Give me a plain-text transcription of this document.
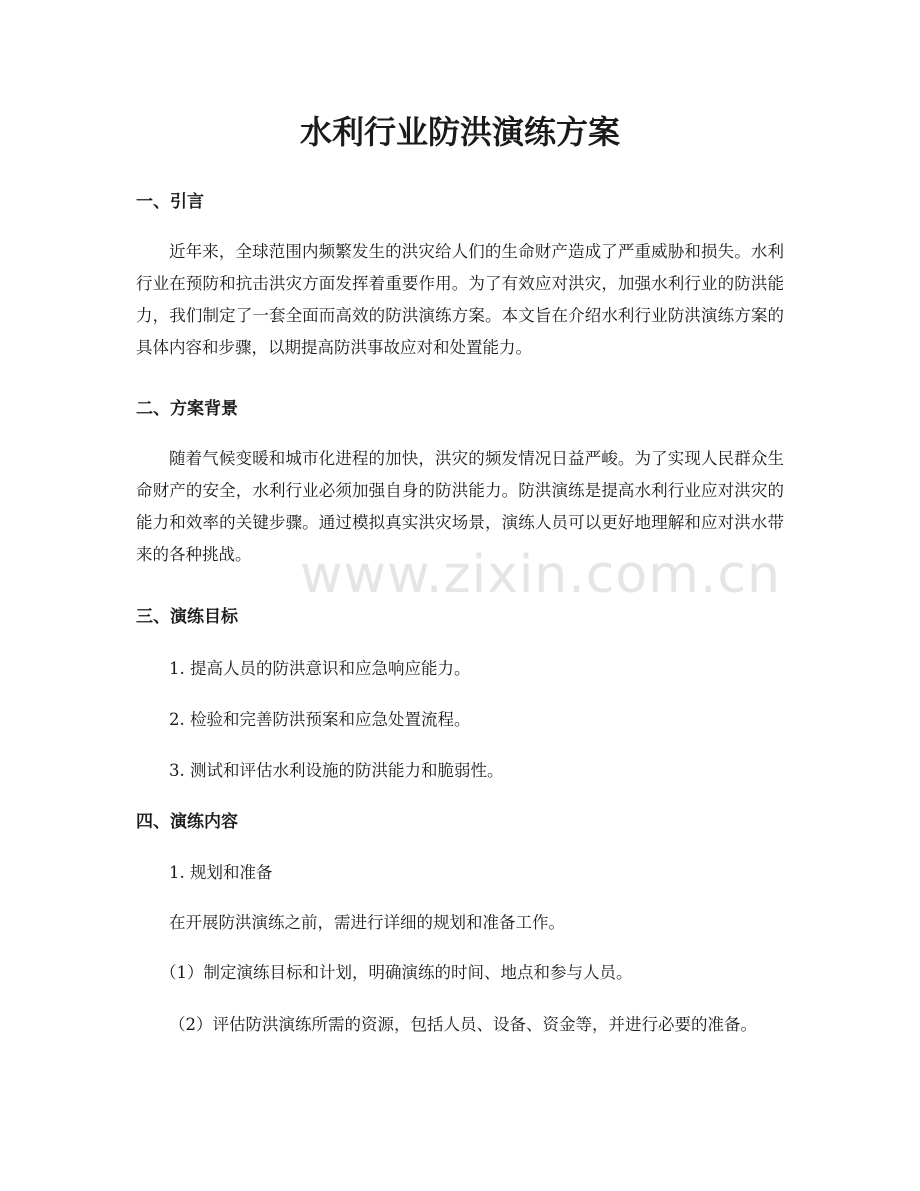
水利行业防洪演练方案
一、引言

近年来，全球范围内频繁发生的洪灾给人们的生命财产造成了严重威胁和损失。水利行业在预防和抗击洪灾方面发挥着重要作用。为了有效应对洪灾，加强水利行业的防洪能力，我们制定了一套全面而高效的防洪演练方案。本文旨在介绍水利行业防洪演练方案的具体内容和步骤，以期提高防洪事故应对和处置能力。

二、方案背景

随着气候变暖和城市化进程的加快，洪灾的频发情况日益严峻。为了实现人民群众生命财产的安全，水利行业必须加强自身的防洪能力。防洪演练是提高水利行业应对洪灾的能力和效率的关键步骤。通过模拟真实洪灾场景，演练人员可以更好地理解和应对洪水带来的各种挑战。

三、演练目标

1. 提高人员的防洪意识和应急响应能力。

2. 检验和完善防洪预案和应急处置流程。

3. 测试和评估水利设施的防洪能力和脆弱性。

四、演练内容

1. 规划和准备

在开展防洪演练之前，需进行详细的规划和准备工作。

（1）制定演练目标和计划，明确演练的时间、地点和参与人员。

（2）评估防洪演练所需的资源，包括人员、设备、资金等，并进行必要的准备。

www.zixin.com.cn
